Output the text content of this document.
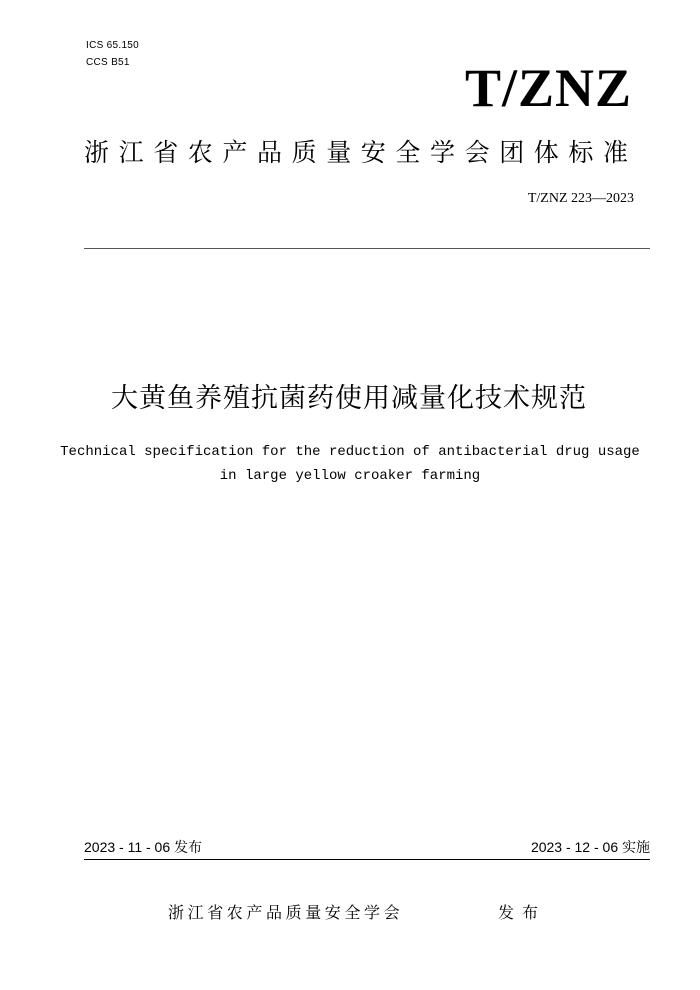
ICS 65.150
CCS B51	T/ZNZ
浙江省农产品质量安全学会团体标准
T/ZNZ 223—2023
大黄鱼养殖抗菌药使用减量化技术规范
Technical specification for the reduction of antibacterial drug usage
in large yellow croaker farming
2023 - 11 - 06 发布	2023 - 12 - 06 实施
浙江省农产品质量安全学会	发布
